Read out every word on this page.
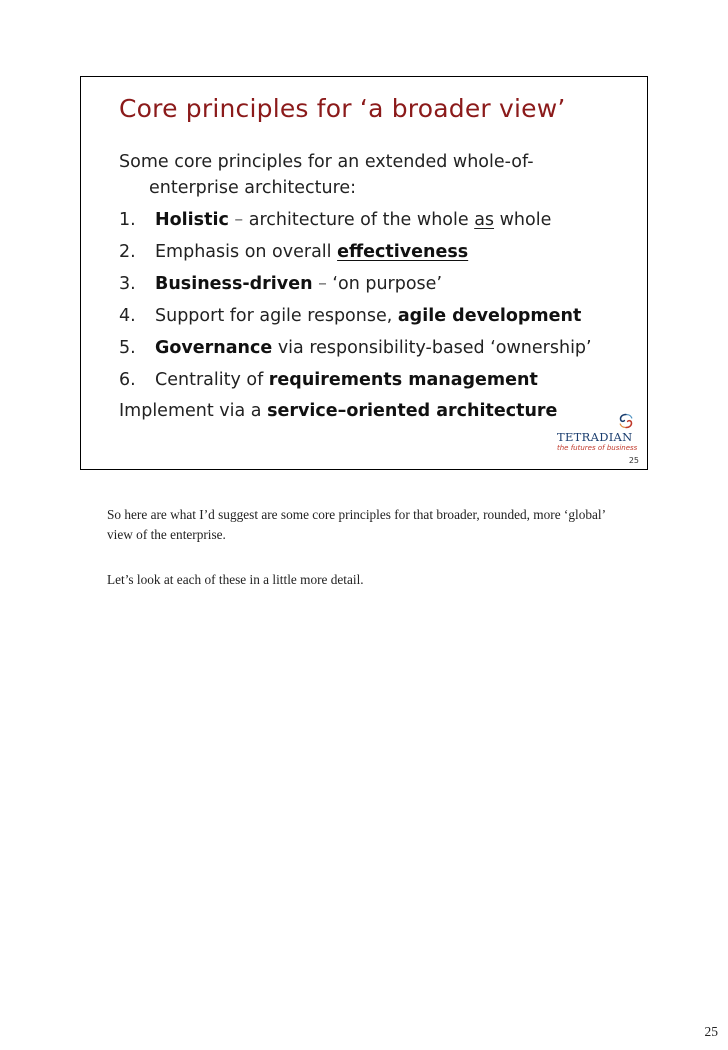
Core principles for ‘a broader view’

Some core principles for an extended whole-of-
enterprise architecture:

1. Holistic – architecture of the whole as whole
2. Emphasis on overall effectiveness
3. Business-driven – ‘on purpose’
4. Support for agile response, agile development
5. Governance via responsibility-based ‘ownership’
6. Centrality of requirements management

Implement via a service–oriented architecture

TETRADIAN
the futures of business
25

So here are what I’d suggest are some core principles for that broader, rounded, more ‘global’ view of the enterprise.

Let’s look at each of these in a little more detail.

25
